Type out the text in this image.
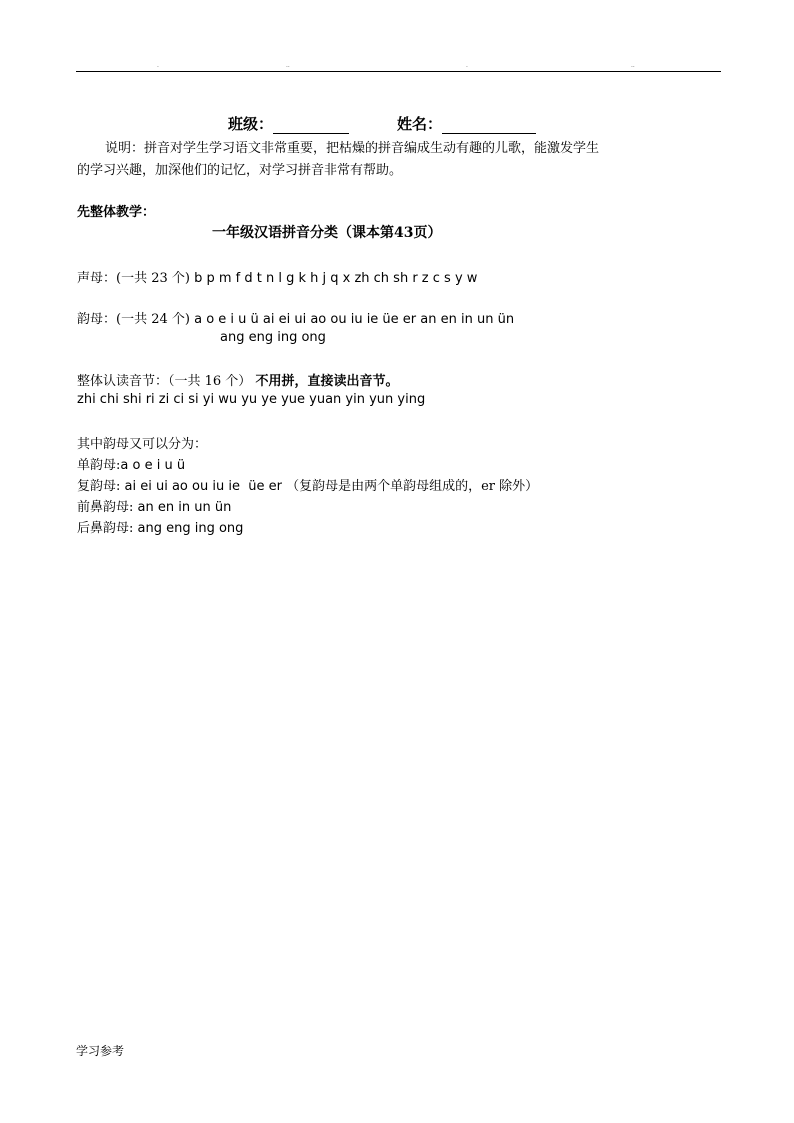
.	..	.	..
班级：	姓名：
说明：拼音对学生学习语文非常重要，把枯燥的拼音编成生动有趣的儿歌，能激发学生
的学习兴趣，加深他们的记忆，对学习拼音非常有帮助。
先整体教学：
一年级汉语拼音分类（课本第43页）
声母：(一共 23 个) b p m f d t n l g k h j q x zh ch sh r z c s y w
韵母：(一共 24 个) a o e i u ü ai ei ui ao ou iu ie üe er an en in un ün
ang eng ing ong
整体认读音节：（一共 16 个） 不用拼，直接读出音节。
zhi chi shi ri zi ci si yi wu yu ye yue yuan yin yun ying
其中韵母又可以分为：
单韵母:a o e i u ü
复韵母: ai ei ui ao ou iu ie  üe er （复韵母是由两个单韵母组成的，er 除外）
前鼻韵母: an en in un ün
后鼻韵母: ang eng ing ong
学习参考
